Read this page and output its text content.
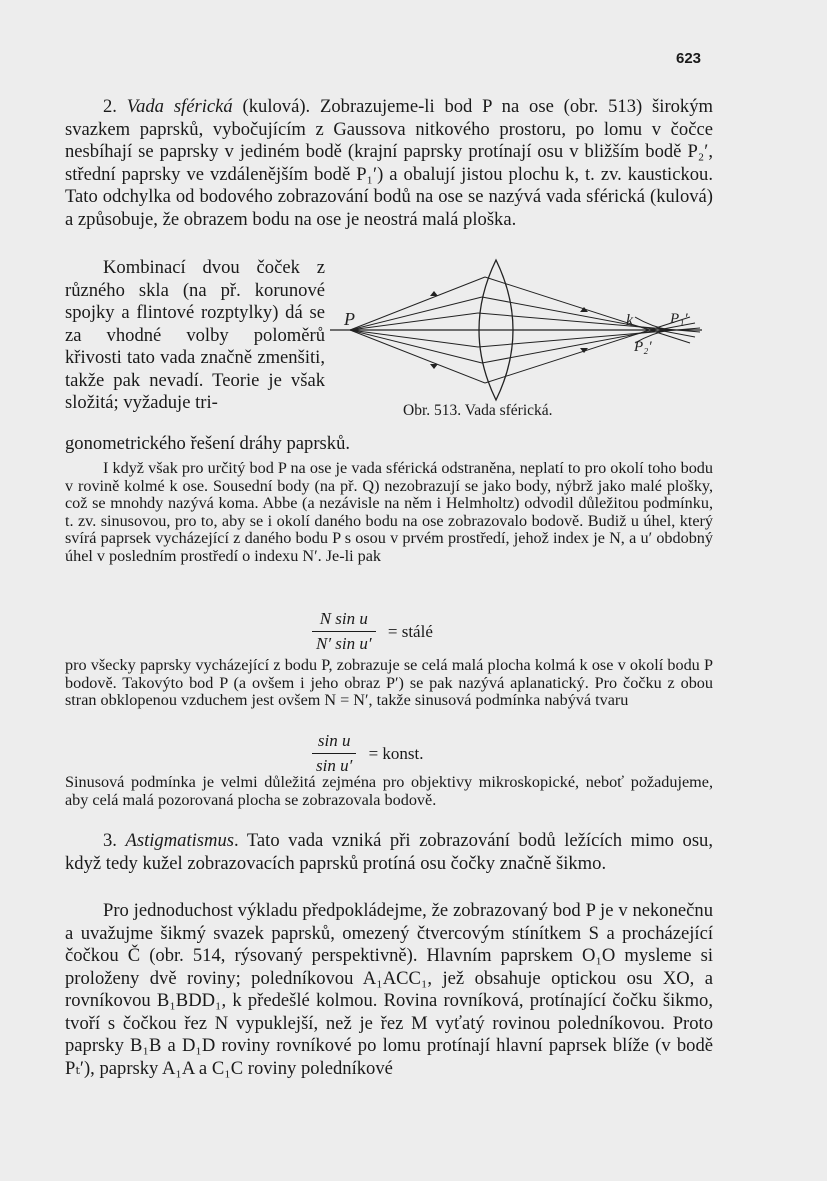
623

2. Vada sférická (kulová). Zobrazujeme-li bod P na ose (obr. 513) širokým svazkem paprsků, vybočujícím z Gaussova nitkového prostoru, po lomu v čočce nesbíhají se paprsky v jediném bodě (krajní paprsky protínají osu v bližším bodě P₂′, střední paprsky ve vzdálenějším bodě P₁′) a obalují jistou plochu k, t. zv. kaustickou. Tato odchylka od bodového zobrazování bodů na ose se nazývá vada sférická (kulová) a způsobuje, že obrazem bodu na ose je neostrá malá ploška.

Kombinací dvou čoček z různého skla (na př. korunové spojky a flintové rozptylky) dá se za vhodné volby poloměrů křivosti tato vada značně zmenšiti, takže pak nevadí. Teorie je však složitá; vyžaduje tri-

gonometrického řešení dráhy paprsků.
P	k P₁′
P₂′
Obr. 513. Vada sférická.

I když však pro určitý bod P na ose je vada sférická odstraněna, neplatí to pro okolí toho bodu v rovině kolmé k ose. Sousední body (na př. Q) nezobrazují se jako body, nýbrž jako malé plošky, což se mnohdy nazývá koma. Abbe (a nezávisle na něm i Helmholtz) odvodil důležitou podmínku, t. zv. sinusovou, pro to, aby se i okolí daného bodu na ose zobrazovalo bodově. Budiž u úhel, který svírá paprsek vycházející z daného bodu P s osou v prvém prostředí, jehož index je N, a u′ obdobný úhel v posledním prostředí o indexu N′. Je-li pak

$\frac{\text{N sin u}}{\text{N′ sin u′}}$ = stálé

pro všecky paprsky vycházející z bodu P, zobrazuje se celá malá plocha kolmá k ose v okolí bodu P bodově. Takovýto bod P (a ovšem i jeho obraz P′) se pak nazývá aplanatický. Pro čočku z obou stran obklopenou vzduchem jest ovšem N = N′, takže sinusová podmínka nabývá tvaru

$\frac{\text{sin u}}{\text{sin u′}}$ = konst.

Sinusová podmínka je velmi důležitá zejména pro objektivy mikroskopické, neboť požadujeme, aby celá malá pozorovaná plocha se zobrazovala bodově.

3. Astigmatismus. Tato vada vzniká při zobrazování bodů ležících mimo osu, když tedy kužel zobrazovacích paprsků protíná osu čočky značně šikmo.

Pro jednoduchost výkladu předpokládejme, že zobrazovaný bod P je v nekonečnu a uvažujme šikmý svazek paprsků, omezený čtvercovým stínítkem S a procházející čočkou Č (obr. 514, rýsovaný perspektivně). Hlavním paprskem O₁O mysleme si proloženy dvě roviny; poledníkovou A₁ACC₁, jež obsahuje optickou osu XO, a rovníkovou B₁BDD₁, k předešlé kolmou. Rovina rovníková, protínající čočku šikmo, tvoří s čočkou řez N vypuklejší, než je řez M vyťatý rovinou poledníkovou. Proto paprsky B₁B a D₁D roviny rovníkové po lomu protínají hlavní paprsek blíže (v bodě Pₜ′), paprsky A₁A a C₁C roviny poledníkové
